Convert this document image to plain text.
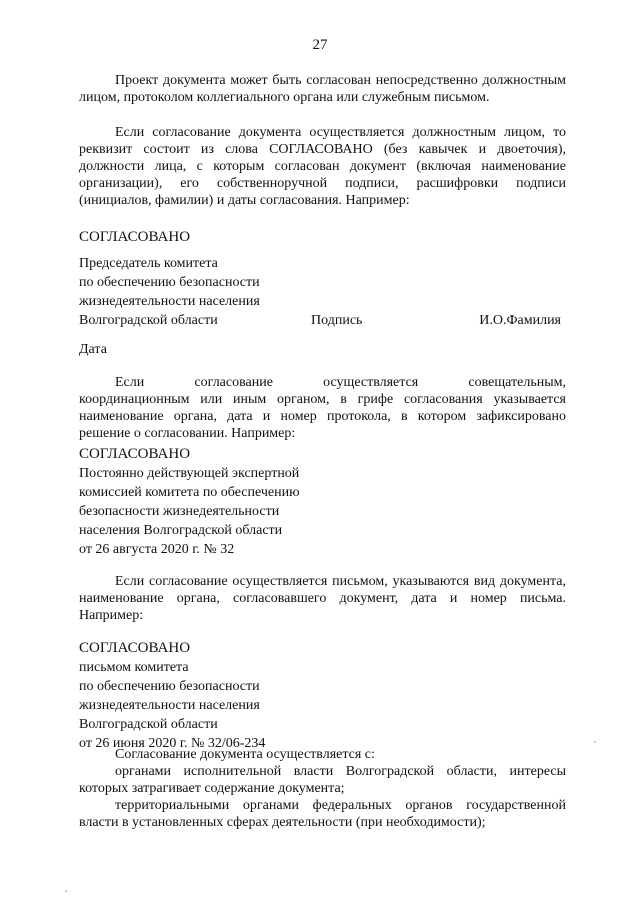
27

Проект документа может быть согласован непосредственно должностным лицом, протоколом коллегиального органа или служебным письмом.

Если согласование документа осуществляется должностным лицом, то реквизит состоит из слова СОГЛАСОВАНО (без кавычек и двоеточия), должности лица, с которым согласован документ (включая наименование организации), его собственноручной подписи, расшифровки подписи (инициалов, фамилии) и даты согласования. Например:

СОГЛАСОВАНО

Председатель комитета

по обеспечению безопасности

жизнедеятельности населения

Волгоградской области	Подпись	И.О.Фамилия

Дата

Если	согласование	осуществляется	совещательным,

координационным или иным органом, в грифе согласования указывается наименование органа, дата и номер протокола, в котором зафиксировано решение о согласовании. Например:

СОГЛАСОВАНО

Постоянно действующей экспертной

комиссией комитета по обеспечению

безопасности жизнедеятельности

населения Волгоградской области

от 26 августа 2020 г. № 32

Если согласование осуществляется письмом, указываются вид документа, наименование органа, согласовавшего документ, дата и номер письма. Например:

СОГЛАСОВАНО

письмом комитета

по обеспечению безопасности

жизнедеятельности населения

Волгоградской области

от 26 июня 2020 г. № 32/06-234

Согласование документа осуществляется с:

органами исполнительной власти Волгоградской области, интересы которых затрагивает содержание документа;

территориальными органами федеральных органов государственной власти в установленных сферах деятельности (при необходимости);
